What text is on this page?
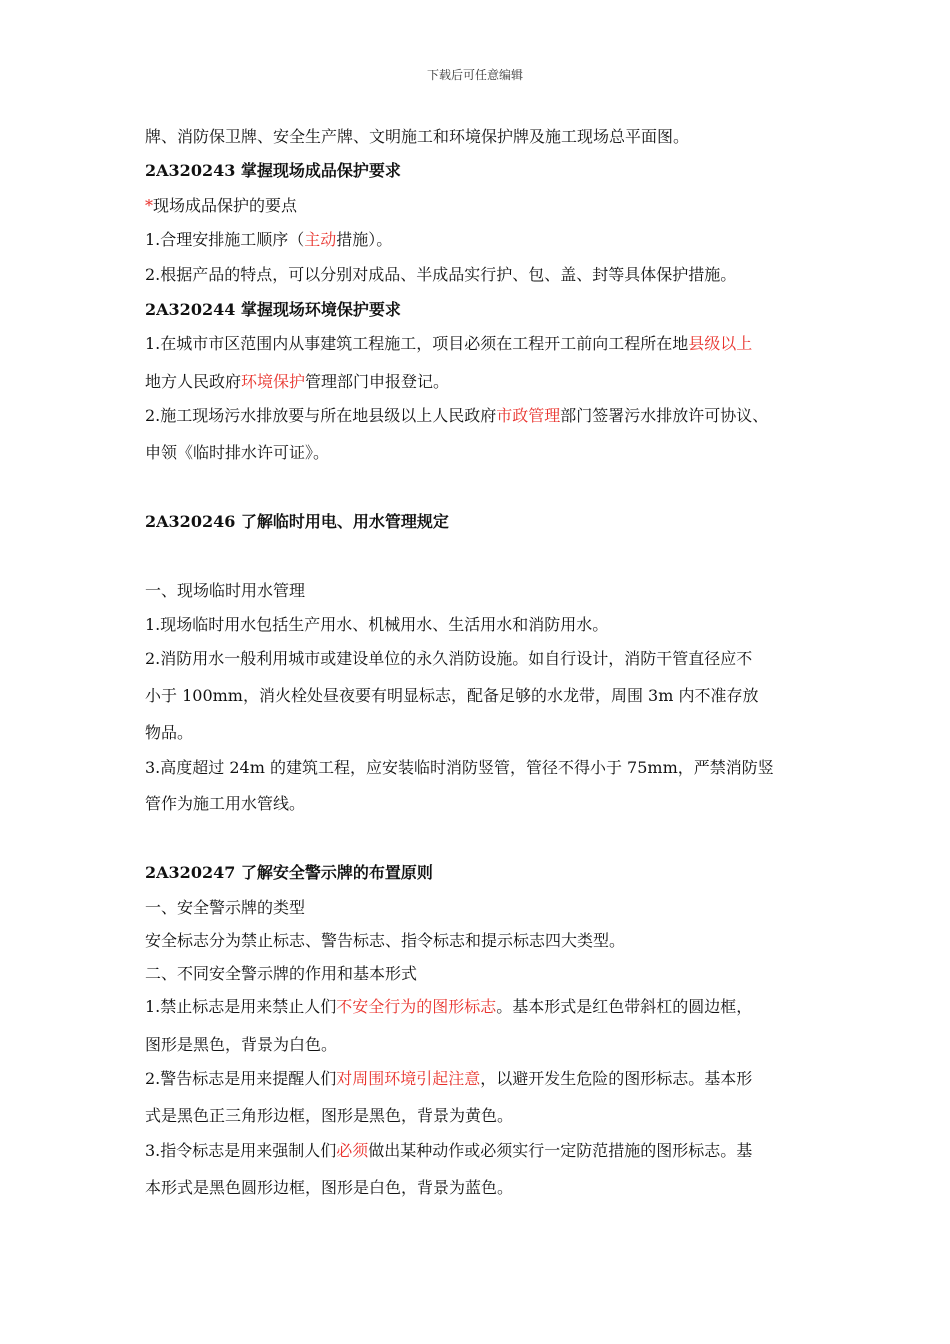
下载后可任意编辑
牌、消防保卫牌、安全生产牌、文明施工和环境保护牌及施工现场总平面图。
2A320243 掌握现场成品保护要求
*现场成品保护的要点
1.合理安排施工顺序（主动措施）。
2.根据产品的特点，可以分别对成品、半成品实行护、包、盖、封等具体保护措施。
2A320244 掌握现场环境保护要求
1.在城市市区范围内从事建筑工程施工，项目必须在工程开工前向工程所在地县级以上
地方人民政府环境保护管理部门申报登记。
2.施工现场污水排放要与所在地县级以上人民政府市政管理部门签署污水排放许可协议、
申领《临时排水许可证》。
2A320246 了解临时用电、用水管理规定
一、现场临时用水管理
1.现场临时用水包括生产用水、机械用水、生活用水和消防用水。
2.消防用水一般利用城市或建设单位的永久消防设施。如自行设计，消防干管直径应不
小于 100mm，消火栓处昼夜要有明显标志，配备足够的水龙带，周围 3m 内不准存放
物品。
3.高度超过 24m 的建筑工程，应安装临时消防竖管，管径不得小于 75mm，严禁消防竖
管作为施工用水管线。
2A320247 了解安全警示牌的布置原则
一、安全警示牌的类型
安全标志分为禁止标志、警告标志、指令标志和提示标志四大类型。
二、不同安全警示牌的作用和基本形式
1.禁止标志是用来禁止人们不安全行为的图形标志。基本形式是红色带斜杠的圆边框，
图形是黑色，背景为白色。
2.警告标志是用来提醒人们对周围环境引起注意，以避开发生危险的图形标志。基本形
式是黑色正三角形边框，图形是黑色，背景为黄色。
3.指令标志是用来强制人们必须做出某种动作或必须实行一定防范措施的图形标志。基
本形式是黑色圆形边框，图形是白色，背景为蓝色。
